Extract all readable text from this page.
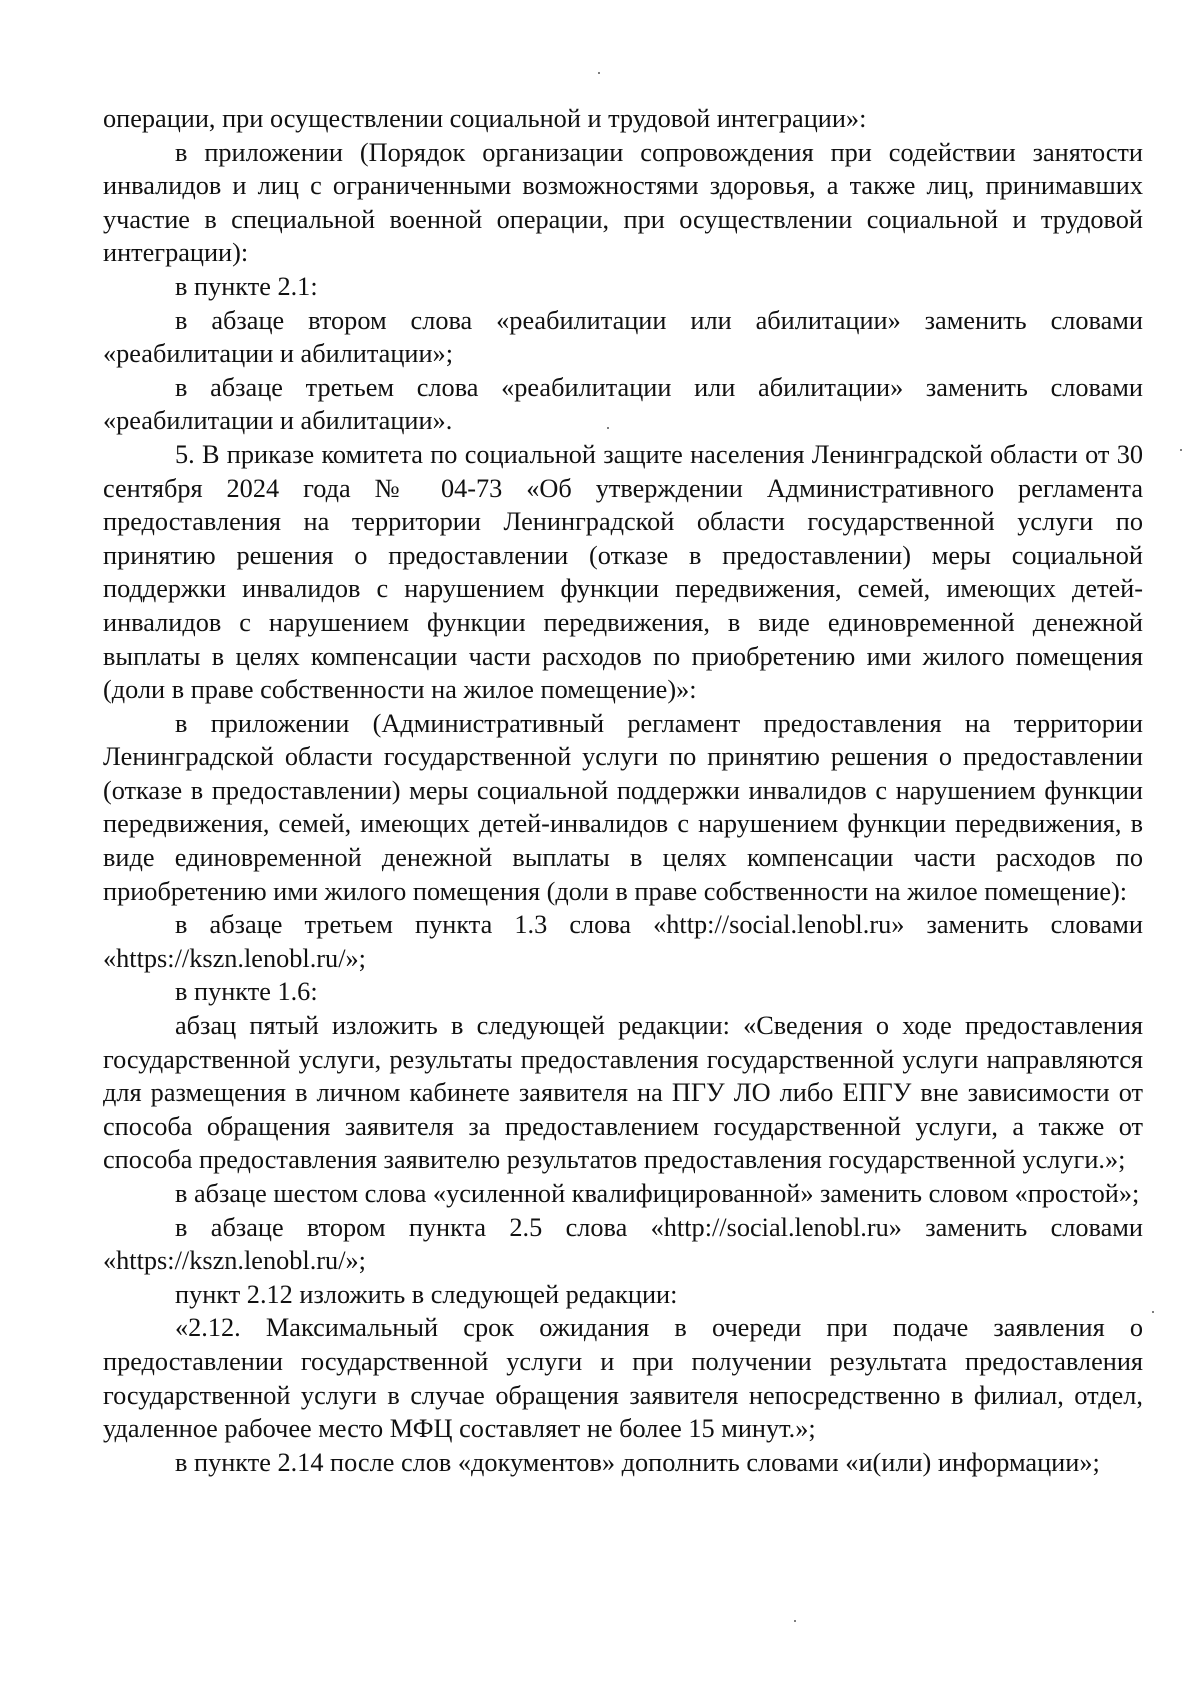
операции, при осуществлении социальной и трудовой интеграции»:

в приложении (Порядок организации сопровождения при содействии занятости инвалидов и лиц с ограниченными возможностями здоровья, а также лиц, принимавших участие в специальной военной операции, при осуществлении социальной и трудовой интеграции):

в пункте 2.1:

в абзаце втором слова «реабилитации или абилитации» заменить словами «реабилитации и абилитации»;

в абзаце третьем слова «реабилитации или абилитации» заменить словами «реабилитации и абилитации».

5. В приказе комитета по социальной защите населения Ленинградской области от 30 сентября 2024 года № 04-73 «Об утверждении Административного регламента предоставления на территории Ленинградской области государственной услуги по принятию решения о предоставлении (отказе в предоставлении) меры социальной поддержки инвалидов с нарушением функции передвижения, семей, имеющих детей-инвалидов с нарушением функции передвижения, в виде единовременной денежной выплаты в целях компенсации части расходов по приобретению ими жилого помещения (доли в праве собственности на жилое помещение)»:

в приложении (Административный регламент предоставления на территории Ленинградской области государственной услуги по принятию решения о предоставлении (отказе в предоставлении) меры социальной поддержки инвалидов с нарушением функции передвижения, семей, имеющих детей-инвалидов с нарушением функции передвижения, в виде единовременной денежной выплаты в целях компенсации части расходов по приобретению ими жилого помещения (доли в праве собственности на жилое помещение):

в абзаце третьем пункта 1.3 слова «http://social.lenobl.ru» заменить словами «https://kszn.lenobl.ru/»;

в пункте 1.6:

абзац пятый изложить в следующей редакции: «Сведения о ходе предоставления государственной услуги, результаты предоставления государственной услуги направляются для размещения в личном кабинете заявителя на ПГУ ЛО либо ЕПГУ вне зависимости от способа обращения заявителя за предоставлением государственной услуги, а также от способа предоставления заявителю результатов предоставления государственной услуги.»;

в абзаце шестом слова «усиленной квалифицированной» заменить словом «простой»;

в абзаце втором пункта 2.5 слова «http://social.lenobl.ru» заменить словами «https://kszn.lenobl.ru/»;

пункт 2.12 изложить в следующей редакции:

«2.12. Максимальный срок ожидания в очереди при подаче заявления о предоставлении государственной услуги и при получении результата предоставления государственной услуги в случае обращения заявителя непосредственно в филиал, отдел, удаленное рабочее место МФЦ составляет не более 15 минут.»;

в пункте 2.14 после слов «документов» дополнить словами «и(или) информации»;
